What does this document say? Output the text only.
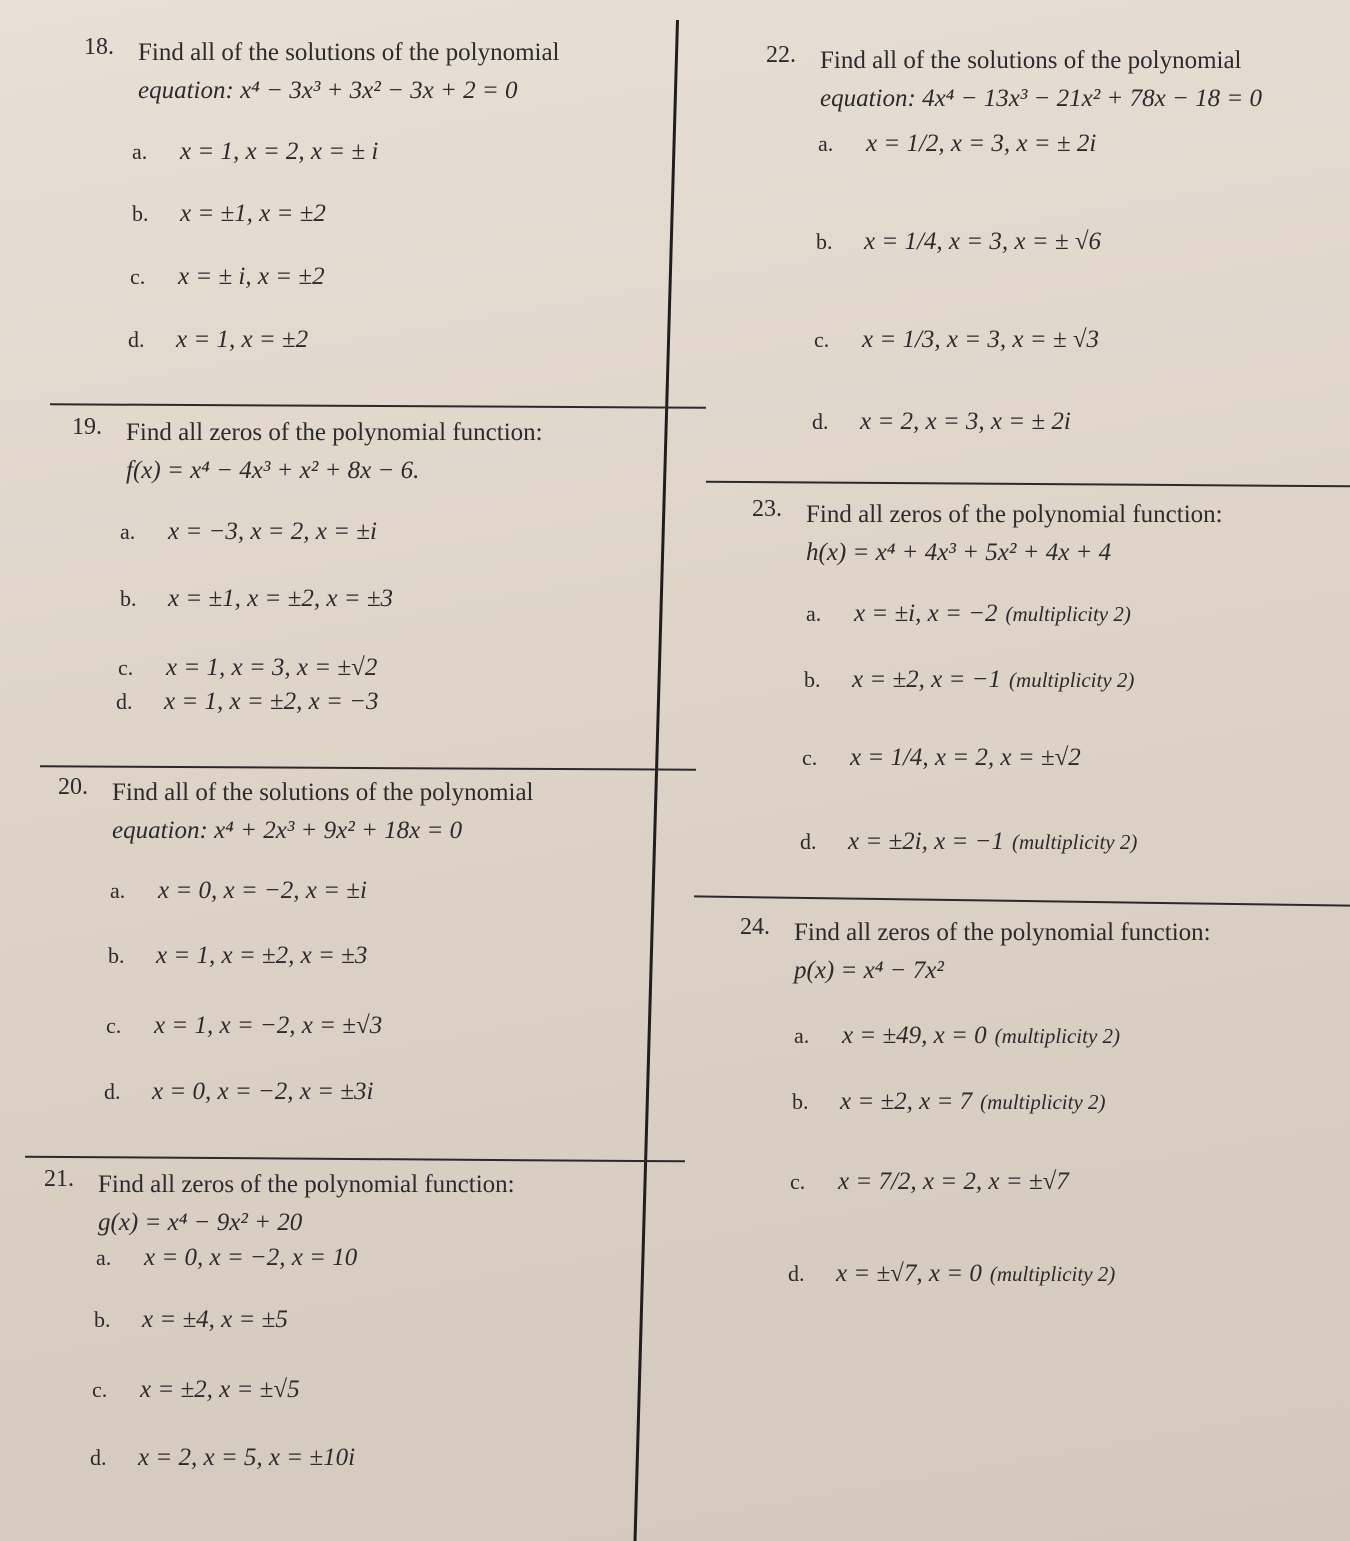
18. Find all of the solutions of the polynomial
equation: x⁴ − 3x³ + 3x² − 3x + 2 = 0
a. x = 1, x = 2, x = ± i
b. x = ±1, x = ±2
c. x = ± i, x = ±2
d. x = 1, x = ±2
19. Find all zeros of the polynomial function:
f(x) = x⁴ − 4x³ + x² + 8x − 6.
a. x = −3, x = 2, x = ±i
b. x = ±1, x = ±2, x = ±3
c. x = 1, x = 3, x = ±√2
d. x = 1, x = ±2, x = −3
20. Find all of the solutions of the polynomial
equation: x⁴ + 2x³ + 9x² + 18x = 0
a. x = 0, x = −2, x = ±i
b. x = 1, x = ±2, x = ±3
c. x = 1, x = −2, x = ±√3
d. x = 0, x = −2, x = ±3i
21. Find all zeros of the polynomial function:
g(x) = x⁴ − 9x² + 20
a. x = 0, x = −2, x = 10
b. x = ±4, x = ±5
c. x = ±2, x = ±√5
d. x = 2, x = 5, x = ±10i
22. Find all of the solutions of the polynomial
equation: 4x⁴ − 13x³ − 21x² + 78x − 18 = 0
a. x = 1/2, x = 3, x = ± 2i
b. x = 1/4, x = 3, x = ± √6
c. x = 1/3, x = 3, x = ± √3
d. x = 2, x = 3, x = ± 2i
23. Find all zeros of the polynomial function:
h(x) = x⁴ + 4x³ + 5x² + 4x + 4
a. x = ±i, x = −2 (multiplicity 2)
b. x = ±2, x = −1 (multiplicity 2)
c. x = 1/4, x = 2, x = ±√2
d. x = ±2i, x = −1 (multiplicity 2)
24. Find all zeros of the polynomial function:
p(x) = x⁴ − 7x²
a. x = ±49, x = 0 (multiplicity 2)
b. x = ±2, x = 7 (multiplicity 2)
c. x = 7/2, x = 2, x = ±√7
d. x = ±√7, x = 0 (multiplicity 2)
